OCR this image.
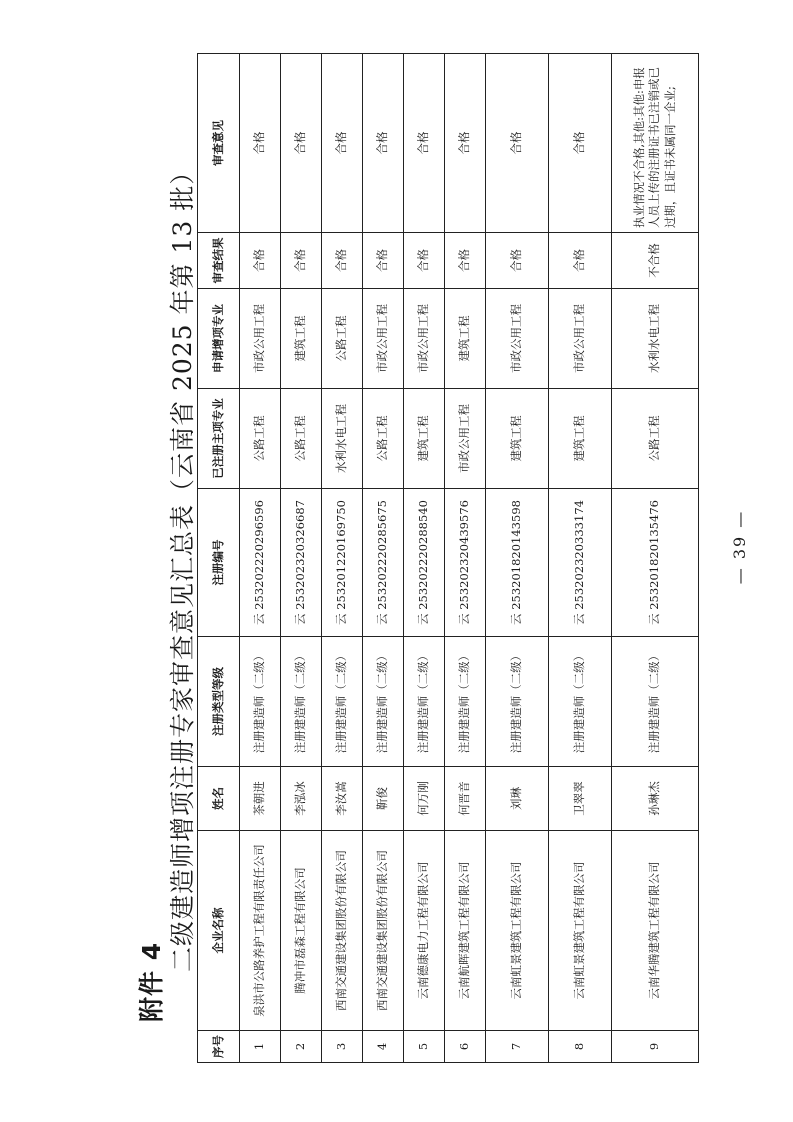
附件 4
二级建造师增项注册专家审查意见汇总表（云南省 2025 年第 13 批）
序号	企业名称	姓名	注册类型等级	注册编号	已注册主项专业	申请增项专业	审查结果	审查意见
1	泉洪市公路养护工程有限责任公司	茶朝进	注册建造师（二级）	云 253202220296596	公路工程	市政公用工程	合格	合格
2	腾冲市磊森工程有限公司	李泓冰	注册建造师（二级）	云 253202320326687	公路工程	建筑工程	合格	合格
3	西南交通建设集团股份有限公司	李汝嵩	注册建造师（二级）	云 253201220169750	水利水电工程	公路工程	合格	合格
4	西南交通建设集团股份有限公司	靳俊	注册建造师（二级）	云 253202220285675	公路工程	市政公用工程	合格	合格
5	云南德康电力工程有限公司	何万刚	注册建造师（二级）	云 253202220288540	建筑工程	市政公用工程	合格	合格
6	云南航晖建筑工程有限公司	何晋音	注册建造师（二级）	云 253202320439576	市政公用工程	建筑工程	合格	合格
7	云南虹景建筑工程有限公司	刘琳	注册建造师（二级）	云 253201820143598	建筑工程	市政公用工程	合格	合格
8	云南虹景建筑工程有限公司	卫翠翠	注册建造师（二级）	云 253202320333174	建筑工程	市政公用工程	合格	合格
9	云南华腾建筑工程有限公司	孙琳杰	注册建造师（二级）	云 253201820135476	公路工程	水利水电工程	不合格	执业情况不合格,其他:其他:申报人员上传的注册证书已注销或已过期，且证书未属同一企业;
— 39 —
